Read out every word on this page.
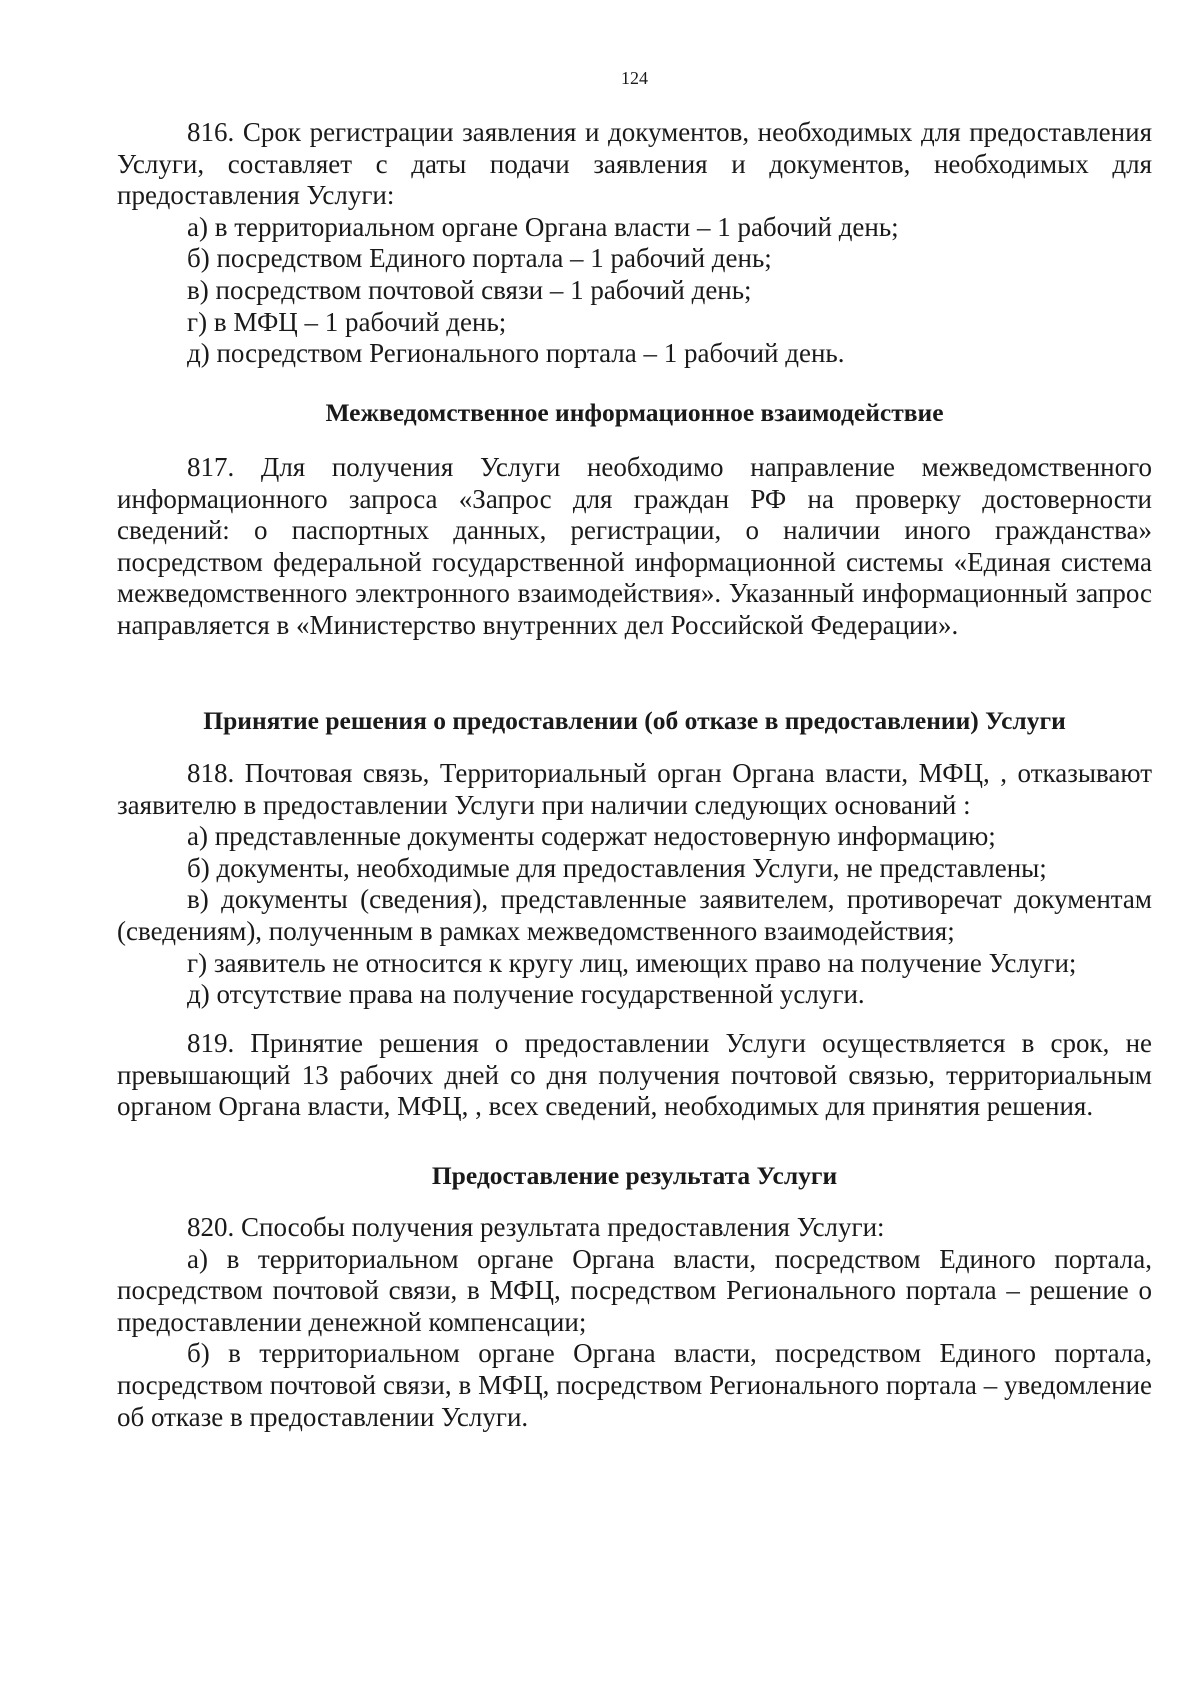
124

816. Срок регистрации заявления и документов, необходимых для предоставления Услуги, составляет с даты подачи заявления и документов, необходимых для предоставления Услуги:

а) в территориальном органе Органа власти – 1 рабочий день;

б) посредством Единого портала – 1 рабочий день;

в) посредством почтовой связи – 1 рабочий день;

г) в МФЦ – 1 рабочий день;

д) посредством Регионального портала – 1 рабочий день.

Межведомственное информационное взаимодействие

817. Для получения Услуги необходимо направление межведомственного информационного запроса «Запрос для граждан РФ на проверку достоверности сведений: о паспортных данных, регистрации, о наличии иного гражданства» посредством федеральной государственной информационной системы «Единая система межведомственного электронного взаимодействия». Указанный информационный запрос направляется в «Министерство внутренних дел Российской Федерации».

Принятие решения о предоставлении (об отказе в предоставлении) Услуги

818. Почтовая связь, Территориальный орган Органа власти, МФЦ, , отказывают заявителю в предоставлении Услуги при наличии следующих оснований :

а) представленные документы содержат недостоверную информацию;

б) документы, необходимые для предоставления Услуги, не представлены;

в) документы (сведения), представленные заявителем, противоречат документам (сведениям), полученным в рамках межведомственного взаимодействия;

г) заявитель не относится к кругу лиц, имеющих право на получение Услуги;

д) отсутствие права на получение государственной услуги.

819. Принятие решения о предоставлении Услуги осуществляется в срок, не превышающий 13 рабочих дней со дня получения почтовой связью, территориальным органом Органа власти, МФЦ, , всех сведений, необходимых для принятия решения.

Предоставление результата Услуги

820. Способы получения результата предоставления Услуги:

а) в территориальном органе Органа власти, посредством Единого портала, посредством почтовой связи, в МФЦ, посредством Регионального портала – решение о предоставлении денежной компенсации;

б) в территориальном органе Органа власти, посредством Единого портала, посредством почтовой связи, в МФЦ, посредством Регионального портала – уведомление об отказе в предоставлении Услуги.
